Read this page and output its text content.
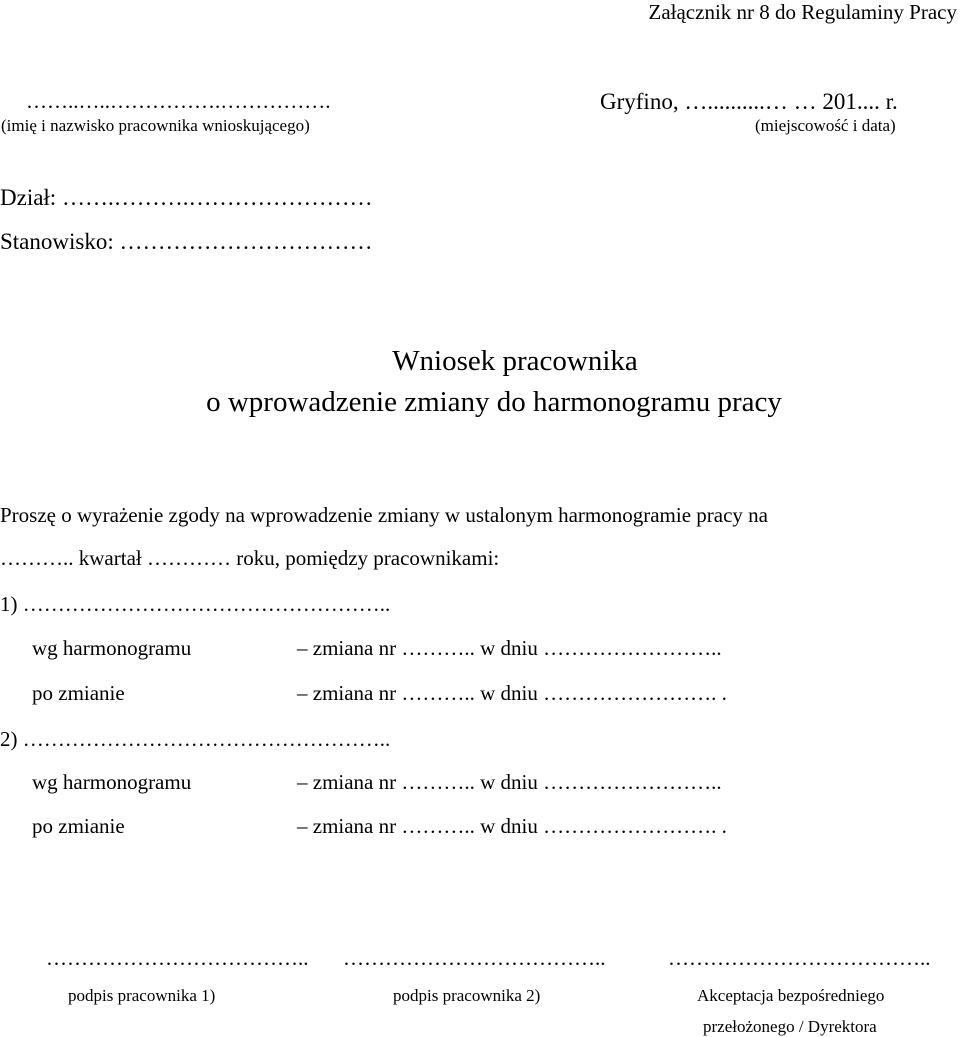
Załącznik nr 8 do Regulaminy Pracy
……..…..…………….…………….
(imię i nazwisko pracownika wnioskującego)
Gryfino, …..........… … 201.... r.
(miejscowość i data)
Dział: …….……….……………………
Stanowisko: ……………………………
Wniosek pracownika
o wprowadzenie zmiany do harmonogramu pracy
Proszę o wyrażenie zgody na wprowadzenie zmiany w ustalonym harmonogramie pracy na
……….. kwartał ………… roku, pomiędzy pracownikami:
1) ……………………………………………..
wg harmonogramu	– zmiana nr ……….. w dniu ……………………..
po zmianie	– zmiana nr ……….. w dniu ……………………. .
2) ……………………………………………..
wg harmonogramu	– zmiana nr ……….. w dniu ……………………..
po zmianie	– zmiana nr ……….. w dniu ……………………. .
……………………………….. ………………………………..	………………………………..
podpis pracownika 1)	podpis pracownika 2)	Akceptacja bezpośredniego
przełożonego / Dyrektora
